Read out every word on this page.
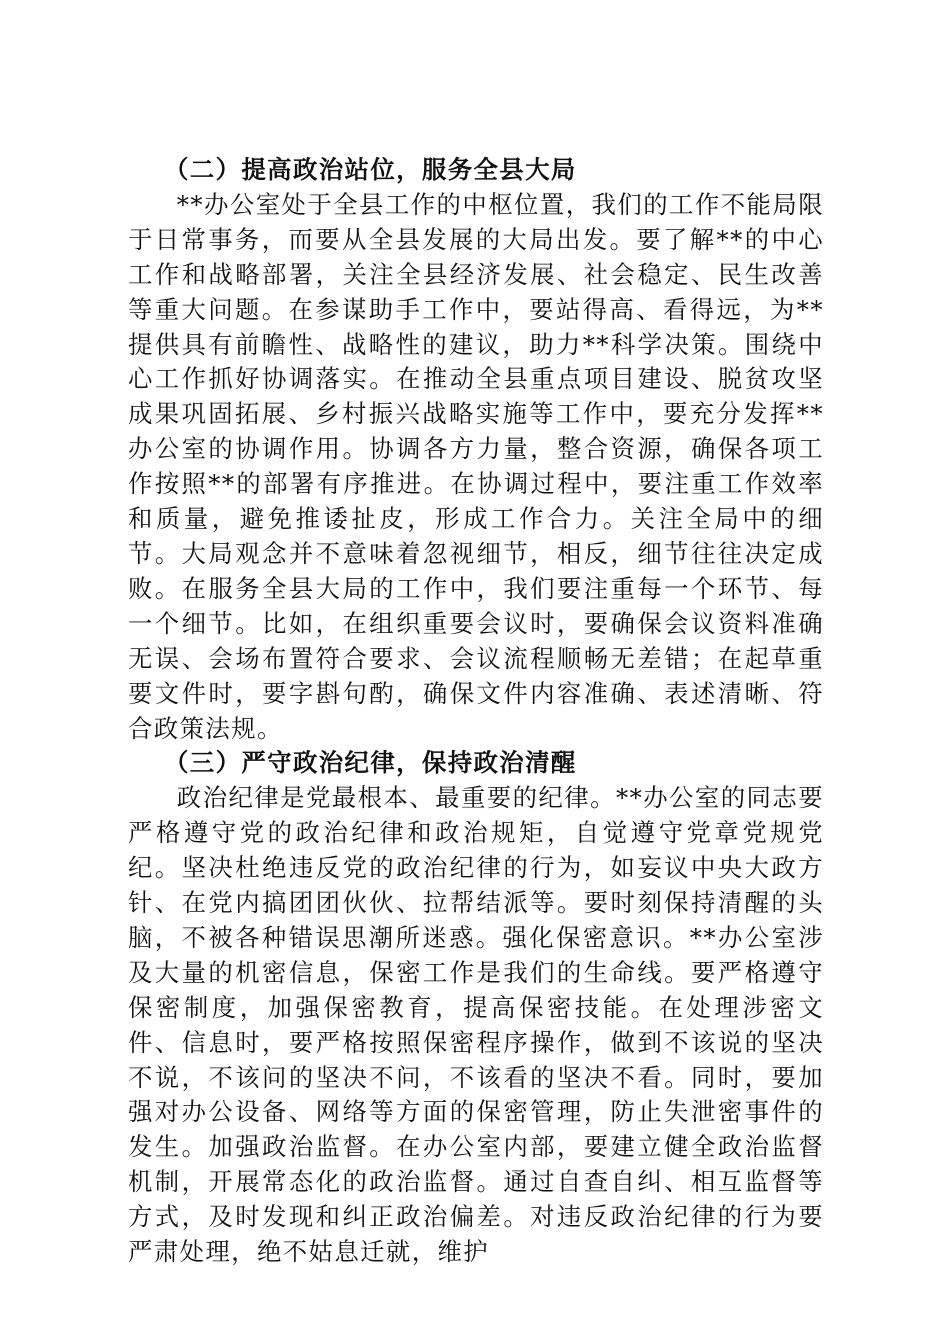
（二）提高政治站位，服务全县大局

**办公室处于全县工作的中枢位置，我们的工作不能局限于日常事务，而要从全县发展的大局出发。要了解**的中心工作和战略部署，关注全县经济发展、社会稳定、民生改善等重大问题。在参谋助手工作中，要站得高、看得远，为**提供具有前瞻性、战略性的建议，助力**科学决策。围绕中心工作抓好协调落实。在推动全县重点项目建设、脱贫攻坚成果巩固拓展、乡村振兴战略实施等工作中，要充分发挥**办公室的协调作用。协调各方力量，整合资源，确保各项工作按照**的部署有序推进。在协调过程中，要注重工作效率和质量，避免推诿扯皮，形成工作合力。关注全局中的细节。大局观念并不意味着忽视细节，相反，细节往往决定成败。在服务全县大局的工作中，我们要注重每一个环节、每一个细节。比如，在组织重要会议时，要确保会议资料准确无误、会场布置符合要求、会议流程顺畅无差错；在起草重要文件时，要字斟句酌，确保文件内容准确、表述清晰、符合政策法规。

（三）严守政治纪律，保持政治清醒

政治纪律是党最根本、最重要的纪律。**办公室的同志要严格遵守党的政治纪律和政治规矩，自觉遵守党章党规党纪。坚决杜绝违反党的政治纪律的行为，如妄议中央大政方针、在党内搞团团伙伙、拉帮结派等。要时刻保持清醒的头脑，不被各种错误思潮所迷惑。强化保密意识。**办公室涉及大量的机密信息，保密工作是我们的生命线。要严格遵守保密制度，加强保密教育，提高保密技能。在处理涉密文件、信息时，要严格按照保密程序操作，做到不该说的坚决不说，不该问的坚决不问，不该看的坚决不看。同时，要加强对办公设备、网络等方面的保密管理，防止失泄密事件的发生。加强政治监督。在办公室内部，要建立健全政治监督机制，开展常态化的政治监督。通过自查自纠、相互监督等方式，及时发现和纠正政治偏差。对违反政治纪律的行为要严肃处理，绝不姑息迁就，维护
